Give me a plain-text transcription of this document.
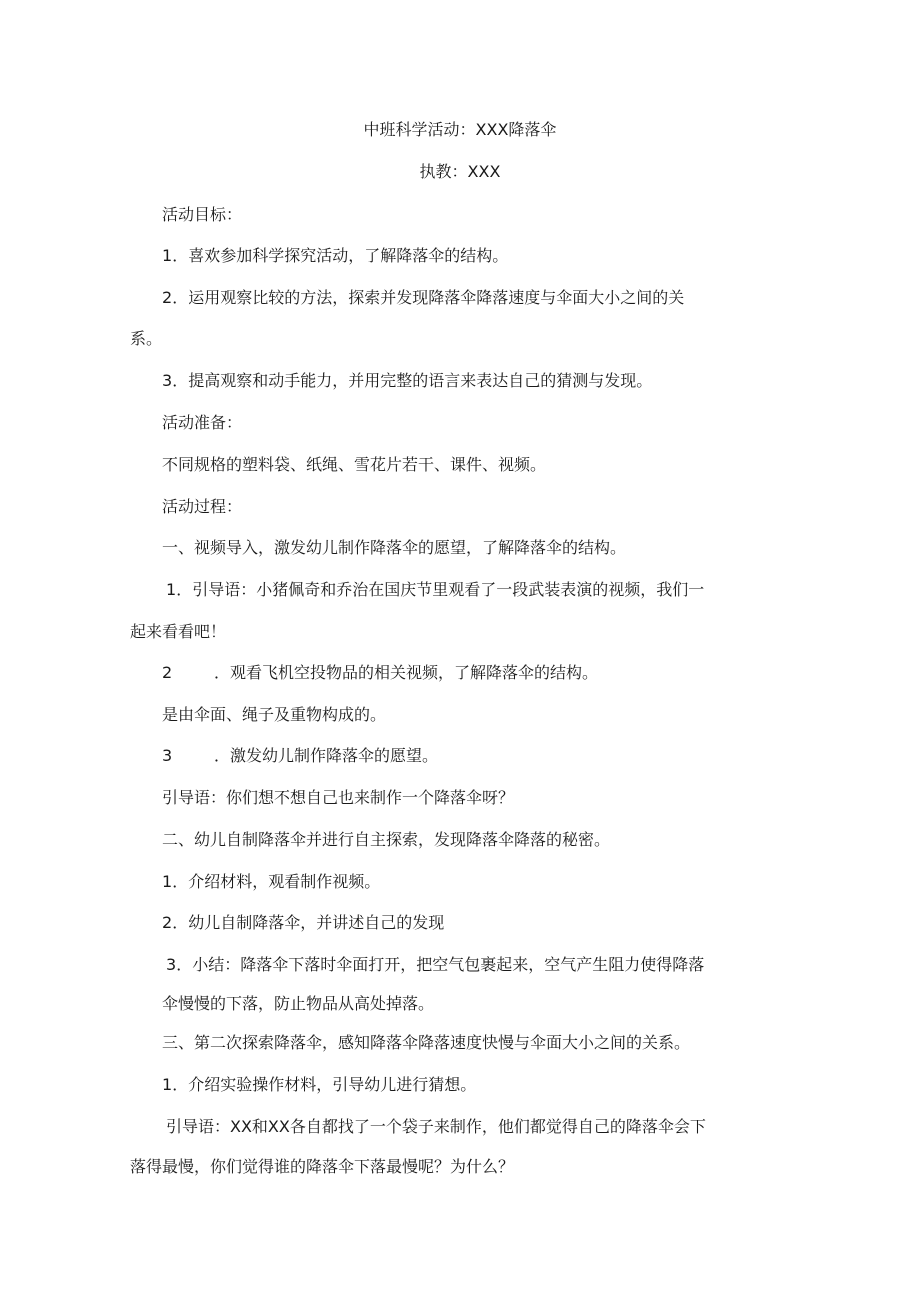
中班科学活动：XXX降落伞
执教：XXX
活动目标：
1．喜欢参加科学探究活动，了解降落伞的结构。
2．运用观察比较的方法，探索并发现降落伞降落速度与伞面大小之间的关
系。
3．提高观察和动手能力，并用完整的语言来表达自己的猜测与发现。
活动准备：
不同规格的塑料袋、纸绳、雪花片若干、课件、视频。
活动过程：
一、视频导入，激发幼儿制作降落伞的愿望，了解降落伞的结构。
1．引导语：小猪佩奇和乔治在国庆节里观看了一段武装表演的视频，我们一
起来看看吧！
2	．观看飞机空投物品的相关视频，了解降落伞的结构。
是由伞面、绳子及重物构成的。
3	．激发幼儿制作降落伞的愿望。
引导语：你们想不想自己也来制作一个降落伞呀？
二、幼儿自制降落伞并进行自主探索，发现降落伞降落的秘密。
1．介绍材料，观看制作视频。
2．幼儿自制降落伞，并讲述自己的发现
3．小结：降落伞下落时伞面打开，把空气包裹起来，空气产生阻力使得降落
伞慢慢的下落，防止物品从高处掉落。
三、第二次探索降落伞，感知降落伞降落速度快慢与伞面大小之间的关系。
1．介绍实验操作材料，引导幼儿进行猜想。
引导语：XX和XX各自都找了一个袋子来制作，他们都觉得自己的降落伞会下
落得最慢，你们觉得谁的降落伞下落最慢呢？为什么？
